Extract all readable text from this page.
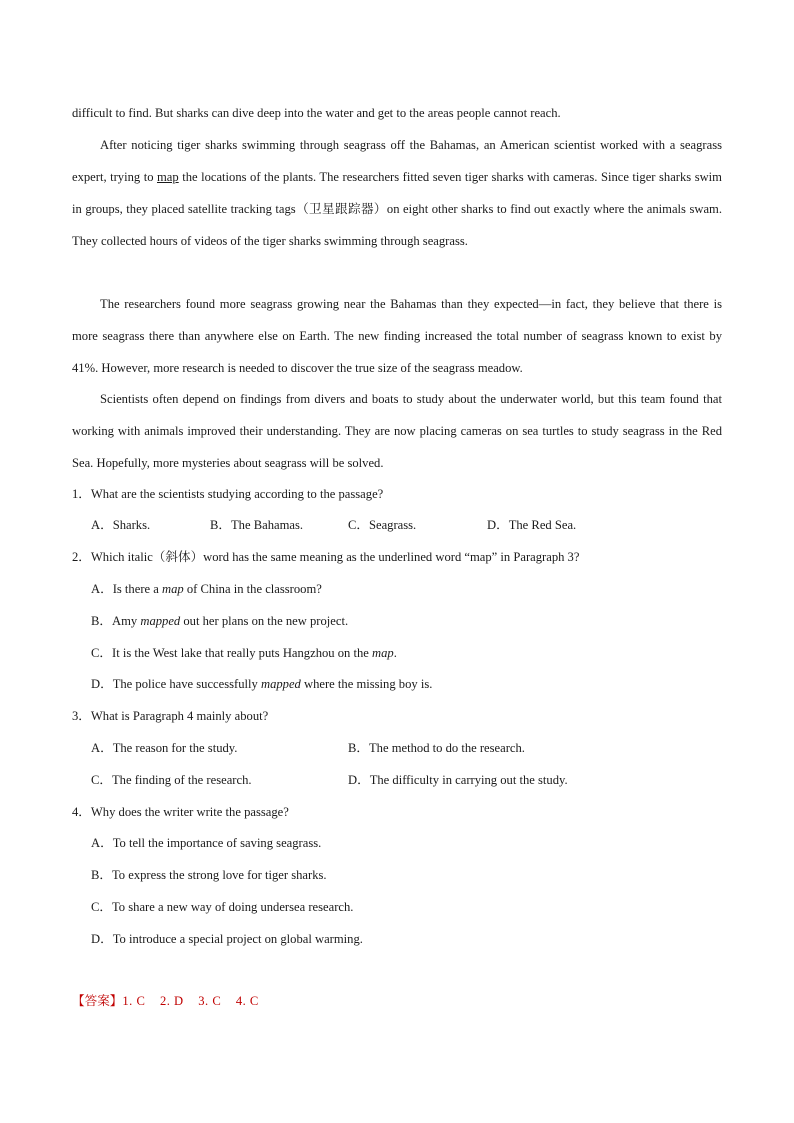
difficult to find. But sharks can dive deep into the water and get to the areas people cannot reach.

After noticing tiger sharks swimming through seagrass off the Bahamas, an American scientist worked with a seagrass expert, trying to map the locations of the plants. The researchers fitted seven tiger sharks with cameras. Since tiger sharks swim in groups, they placed satellite tracking tags（卫星跟踪器）on eight other sharks to find out exactly where the animals swam. They collected hours of videos of the tiger sharks swimming through seagrass.

The researchers found more seagrass growing near the Bahamas than they expected—in fact, they believe that there is more seagrass there than anywhere else on Earth. The new finding increased the total number of seagrass known to exist by 41%. However, more research is needed to discover the true size of the seagrass meadow.

Scientists often depend on findings from divers and boats to study about the underwater world, but this team found that working with animals improved their understanding. They are now placing cameras on sea turtles to study seagrass in the Red Sea. Hopefully, more mysteries about seagrass will be solved.

1．What are the scientists studying according to the passage?

A．Sharks.	B．The Bahamas.	C．Seagrass.	D．The Red Sea.

2．Which italic（斜体）word has the same meaning as the underlined word “map” in Paragraph 3?

A．Is there a map of China in the classroom?

B．Amy mapped out her plans on the new project.

C．It is the West lake that really puts Hangzhou on the map.

D．The police have successfully mapped where the missing boy is.

3．What is Paragraph 4 mainly about?

A．The reason for the study.	B．The method to do the research.

C．The finding of the research.	D．The difficulty in carrying out the study.

4．Why does the writer write the passage?

A．To tell the importance of saving seagrass.

B．To express the strong love for tiger sharks.

C．To share a new way of doing undersea research.

D．To introduce a special project on global warming.

【答案】1. C    2. D    3. C    4. C
